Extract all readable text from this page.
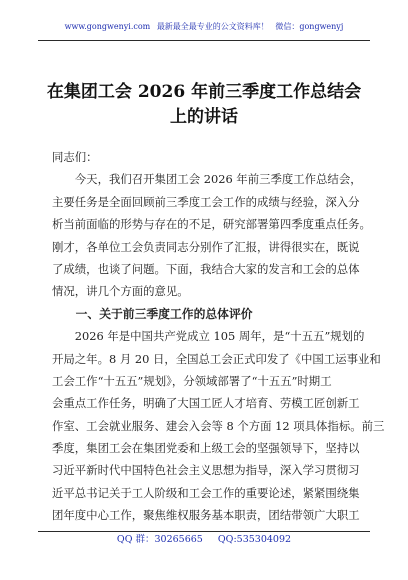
www.gongwenyi.com 最新最全最专业的公文资料库！ 微信：gongwenyj
在集团工会 2026 年前三季度工作总结会
上的讲话
同志们：
　　今天，我们召开集团工会 2026 年前三季度工作总结会，
主要任务是全面回顾前三季度工会工作的成绩与经验，深入分
析当前面临的形势与存在的不足，研究部署第四季度重点任务。
刚才，各单位工会负责同志分别作了汇报，讲得很实在，既说
了成绩，也谈了问题。下面，我结合大家的发言和工会的总体
情况，讲几个方面的意见。
　　一、关于前三季度工作的总体评价
　　2026 年是中国共产党成立 105 周年，是“十五五”规划的
开局之年。8 月 20 日，全国总工会正式印发了《中国工运事业和
工会工作“十五五”规划》，分领域部署了“十五五”时期工
会重点工作任务，明确了大国工匠人才培育、劳模工匠创新工
作室、工会就业服务、建会入会等 8 个方面 12 项具体指标。前三
季度，集团工会在集团党委和上级工会的坚强领导下，坚持以
习近平新时代中国特色社会主义思想为指导，深入学习贯彻习
近平总书记关于工人阶级和工会工作的重要论述，紧紧围绕集
团年度中心工作，聚焦维权服务基本职责，团结带领广大职工
QQ 群：30265665 QQ:535304092
